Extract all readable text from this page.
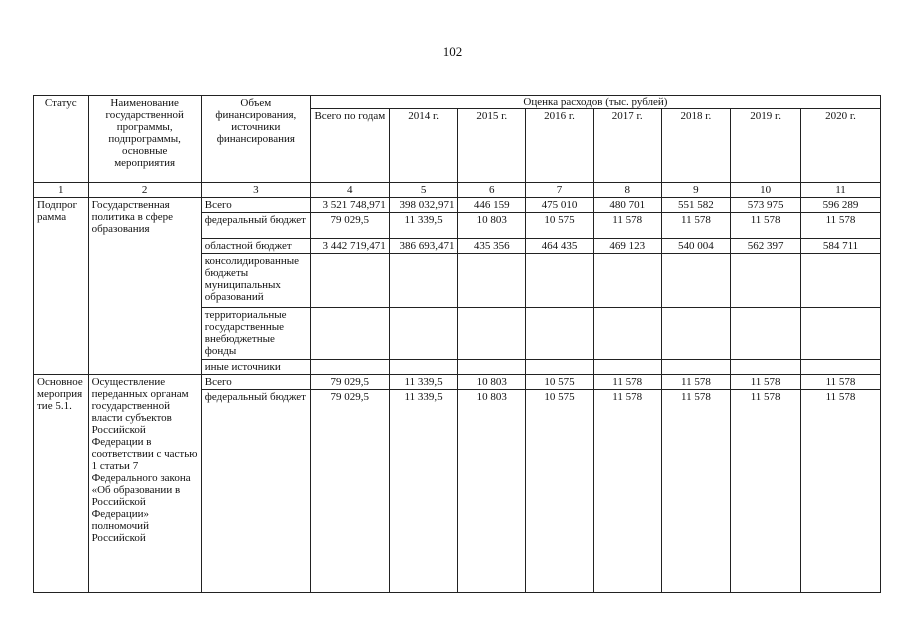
102
Статус	Наименование государственной программы, подпрограммы, основные мероприятия	Объем финансирования, источники финансирования	Оценка расходов (тыс. рублей)							
			Всего по годам	2014 г.	2015 г.	2016 г.	2017 г.	2018 г.	2019 г.	2020 г.
1	2	3	4	5	6	7	8	9	10	11
Подпрог рамма	Государственная политика в сфере образования	Всего	3 521 748,971	398 032,971	446 159	475 010	480 701	551 582	573 975	596 289
		федеральный бюджет	79 029,5	11 339,5	10 803	10 575	11 578	11 578	11 578	11 578
		областной бюджет	3 442 719,471	386 693,471	435 356	464 435	469 123	540 004	562 397	584 711
		консолидированные бюджеты муниципальных образований								
		территориальные государственные внебюджетные фонды								
		иные источники								
Основное мероприя тие 5.1.	Осуществление переданных органам государственной власти субъектов Российской Федерации в соответствии с частью 1 статьи 7 Федерального закона «Об образовании в Российской Федерации» полномочий Российской	Всего	79 029,5	11 339,5	10 803	10 575	11 578	11 578	11 578	11 578
		федеральный бюджет	79 029,5	11 339,5	10 803	10 575	11 578	11 578	11 578	11 578
